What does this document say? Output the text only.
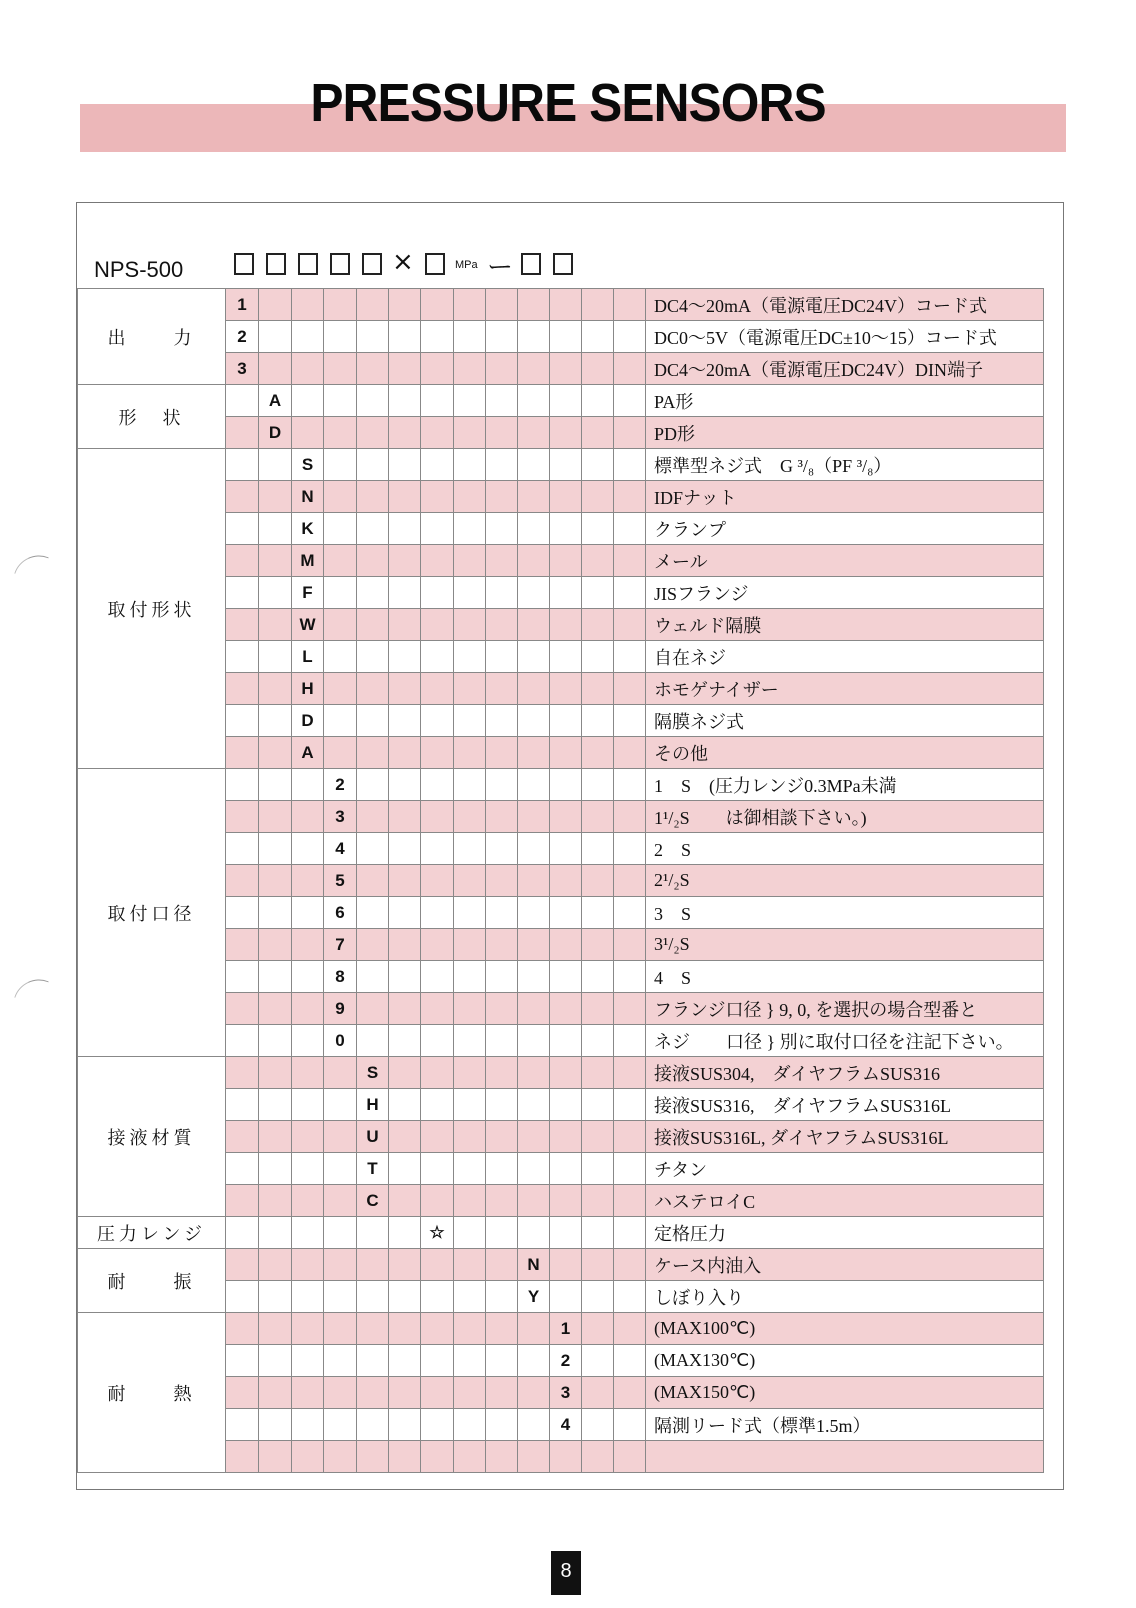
PRESSURE SENSORS
NPS-500	×	MPa ー
出　　力	1													DC4～20mA（電源電圧DC24V）コード式
	2													DC0～5V（電源電圧DC±10～15）コード式
	3													DC4～20mA（電源電圧DC24V）DIN端子
形　状		A												PA形
		D												PD形
取付形状			S											標準型ネジ式　G ³/₈（PF ³/₈）
			N											IDFナット
			K											クランプ
			M											メール
			F											JISフランジ
			W											ウェルド隔膜
			L											自在ネジ
			H											ホモゲナイザー
			D											隔膜ネジ式
			A											その他
取付口径				2										1　S　(圧力レンジ0.3MPa未満
				3										1¹/₂S　　は御相談下さい。)
				4										2　S
				5										2¹/₂S
				6										3　S
				7										3¹/₂S
				8										4　S
				9										フランジ口径 } 9, 0, を選択の場合型番と
				0										ネジ　　口径 } 別に取付口径を注記下さい。
接液材質					S									接液SUS304,　ダイヤフラムSUS316
					H									接液SUS316,　ダイヤフラムSUS316L
					U									接液SUS316L, ダイヤフラムSUS316L
					T									チタン
					C									ハステロイC
圧力レンジ							☆							定格圧力
耐　　振										N				ケース内油入
										Y				しぼり入り
耐　　熱											1			(MAX100℃)
											2			(MAX130℃)
											3			(MAX150℃)
											4			隔測リード式（標準1.5m）

8
